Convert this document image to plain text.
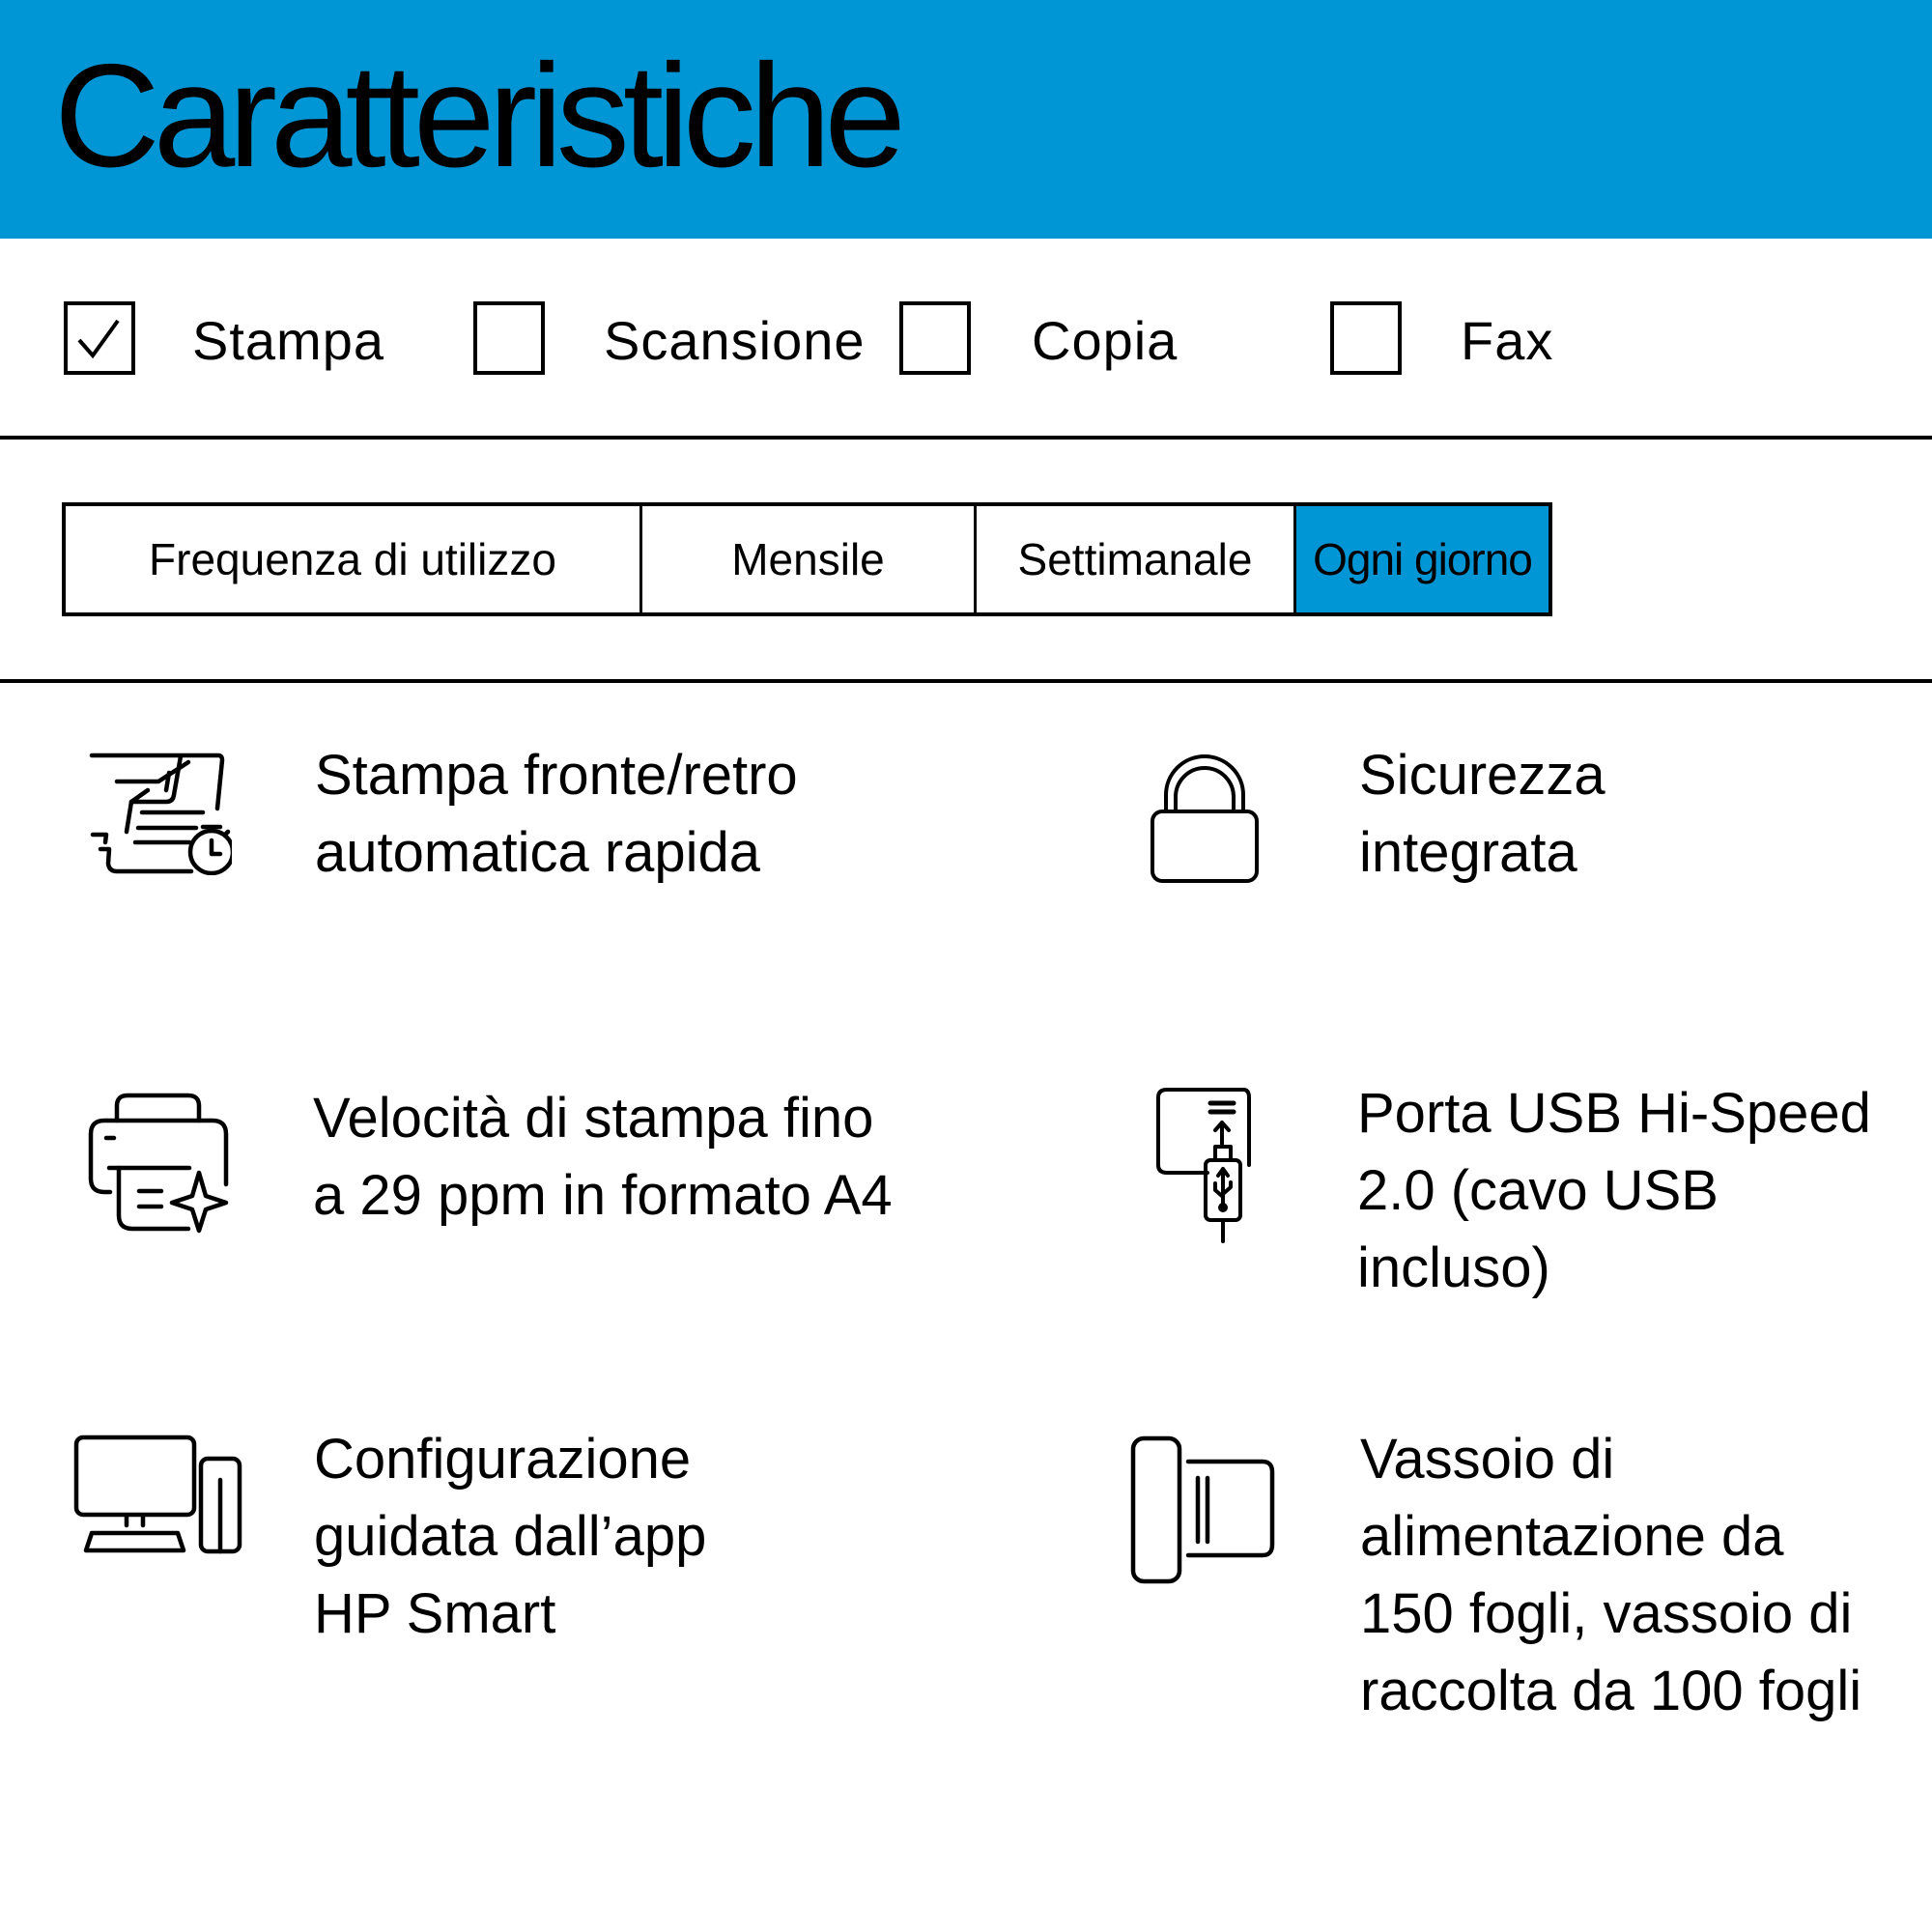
Caratteristiche
Stampa	Scansione	Copia	Fax
Frequenza di utilizzo	Mensile	Settimanale	Ogni giorno
Stampa fronte/retro
automatica rapida
Sicurezza
integrata
Velocità di stampa fino
a 29 ppm in formato A4
Porta USB Hi-Speed
2.0 (cavo USB
incluso)
Configurazione
guidata dall’app
HP Smart
Vassoio di
alimentazione da
150 fogli, vassoio di
raccolta da 100 fogli
